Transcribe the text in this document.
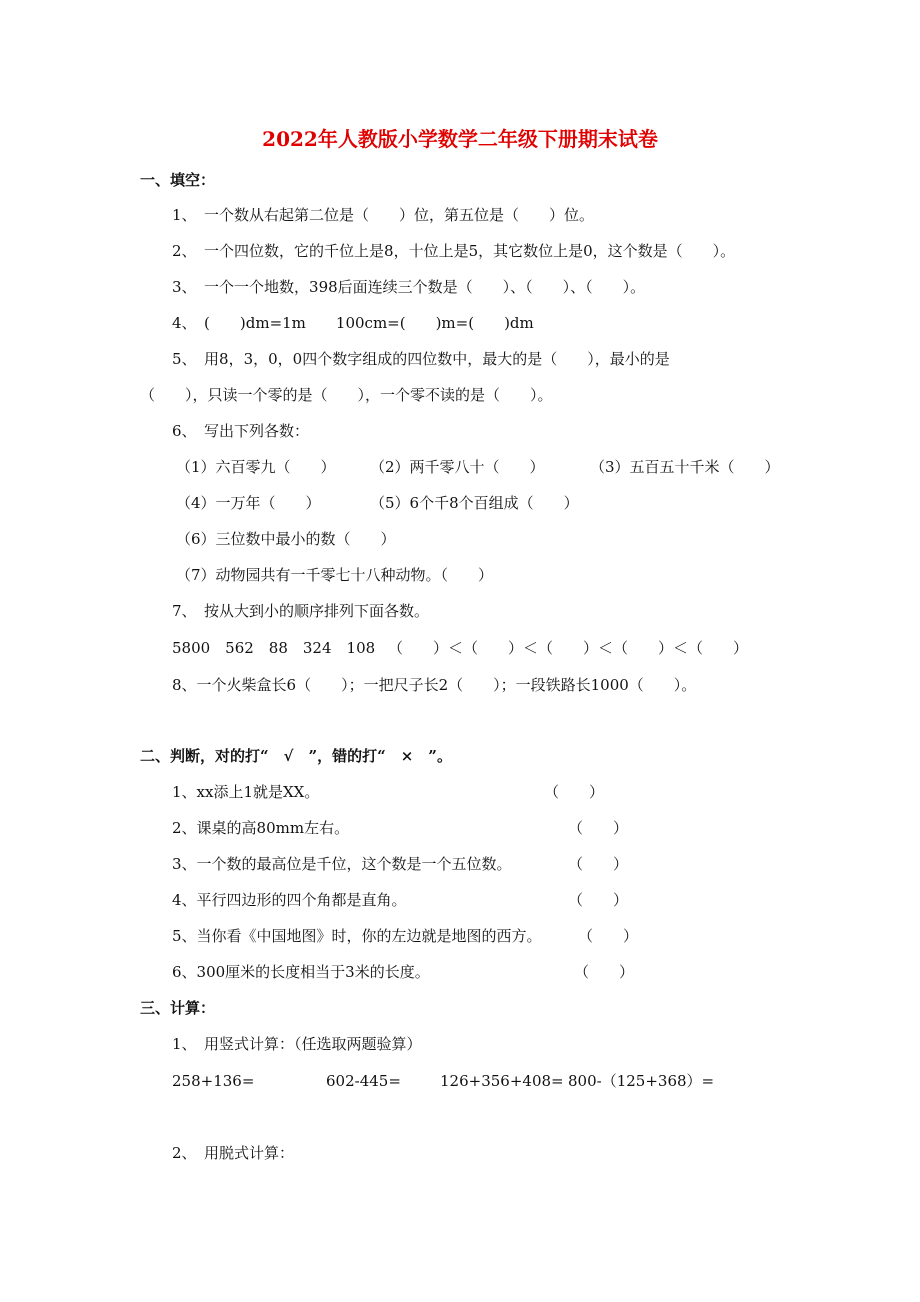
2022年人教版小学数学二年级下册期末试卷
一、填空：
1、　一个数从右起第二位是（　　）位，第五位是（　　）位。
2、　一个四位数，它的千位上是8，十位上是5，其它数位上是0，这个数是（　　）。
3、　一个一个地数，398后面连续三个数是（　　）、（　　）、（　　）。
4、　(　　)dm=1m　　100cm=(　　)m=(　　)dm
5、　用8，3，0，0四个数字组成的四位数中，最大的是（　　），最小的是
（　　），只读一个零的是（　　），一个零不读的是（　　）。
6、　写出下列各数：
（1）六百零九（　　） （2）两千零八十（　　）	（3）五百五十千米（　　）
（4）一万年（　　）	（5）6个千8个百组成（　　）
（6）三位数中最小的数（　　）
（7）动物园共有一千零七十八种动物。（　　）
7、　按从大到小的顺序排列下面各数。
5800　562　88　324　108 （　　）＜（　　）＜（　　）＜（　　）＜（　　）
8、一个火柴盒长6（　　）；一把尺子长2（　　）；一段铁路长1000（　　）。
二、判断，对的打“　√　”，错的打“　×　”。
1、xx添上1就是XX。	（　　）
2、课桌的高80mm左右。	（　　）
3、一个数的最高位是千位，这个数是一个五位数。	（　　）
4、平行四边形的四个角都是直角。	（　　）
5、当你看《中国地图》时，你的左边就是地图的西方。 （　　）
6、300厘米的长度相当于3米的长度。	（　　）
三、计算：
1、　用竖式计算：（任选取两题验算）
258+136=	602-445=	126+356+408= 800-（125+368）=
2、　用脱式计算：
